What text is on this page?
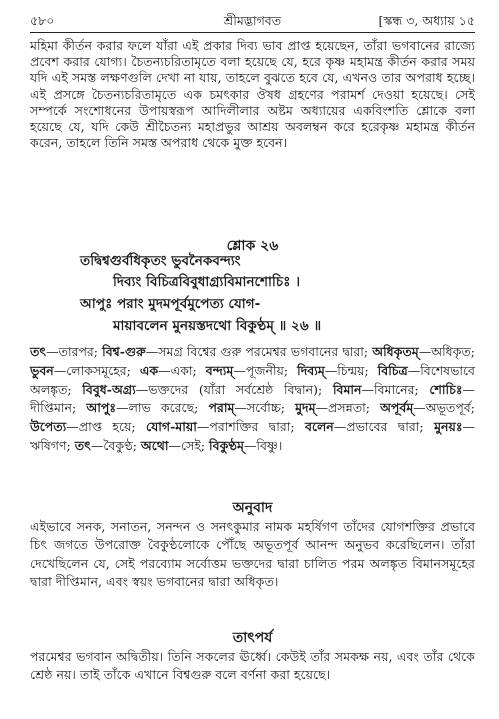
৫৮০	শ্রীমদ্ভাগবত	[স্কন্ধ ৩, অধ্যায় ১৫
মহিমা কীর্তন করার ফলে যাঁরা এই প্রকার দিব্য ভাব প্রাপ্ত হয়েছেন, তাঁরা ভগবানের রাজ্যে প্রবেশ করার যোগ্য। চৈতন্যচরিতামৃতে বলা হয়েছে যে, হরে কৃষ্ণ মহামন্ত্র কীর্তন করার সময় যদি এই সমস্ত লক্ষণগুলি দেখা না যায়, তাহলে বুঝতে হবে যে, এখনও তার অপরাধ হচ্ছে। এই প্রসঙ্গে চৈতন্যচরিতামৃতে এক চমৎকার ঔষধ গ্রহণের পরামর্শ দেওয়া হয়েছে। সেই সম্পর্কে সংশোধনের উপায়স্বরূপ আদিলীলার অষ্টম অধ্যায়ের একবিংশতি শ্লোকে বলা হয়েছে যে, যদি কেউ শ্রীচৈতন্য মহাপ্রভুর আশ্রয় অবলম্বন করে হরেকৃষ্ণ মহামন্ত্র কীর্তন করেন, তাহলে তিনি সমস্ত অপরাধ থেকে মুক্ত হবেন।
শ্লোক ২৬
তদ্বিশ্বগুর্বধিকৃতং ভুবনৈকবন্দ্যং
দিব্যং বিচিত্রবিবুধাগ্র্যবিমানশোচিঃ ।
আপুঃ পরাং মুদমপূর্বমুপেত্য যোগ-
মায়াবলেন মুনয়স্তদথো বিকুণ্ঠম্ ॥ ২৬ ॥
তৎ—তারপর; বিশ্ব-গুরু—সমগ্র বিশ্বের গুরু পরমেশ্বর ভগবানের দ্বারা; অধিকৃতম্—অধিকৃত; ভুবন—লোকসমূহের; এক—একা; বন্দ্যম্—পূজনীয়; দিব্যম্—চিন্ময়; বিচিত্র—বিশেষভাবে অলঙ্কৃত; বিবুধ-অগ্র্য—ভক্তদের (যাঁরা সর্বশ্রেষ্ঠ বিদ্বান); বিমান—বিমানের; শোচিঃ—দীপ্তিমান; আপুঃ—লাভ করেছে; পরাম্—সর্বোচ্চ; মুদম্—প্রসন্নতা; অপূর্বম্—অভূতপূর্ব; উপেত্য—প্রাপ্ত হয়ে; যোগ-মায়া—পরাশক্তির দ্বারা; বলেন—প্রভাবের দ্বারা; মুনয়ঃ—ঋষিগণ; তৎ—বৈকুণ্ঠ; অথো—সেই; বিকুণ্ঠম্—বিষ্ণু।
অনুবাদ
এইভাবে সনক, সনাতন, সনন্দন ও সনৎকুমার নামক মহর্ষিগণ তাঁদের যোগশক্তির প্রভাবে চিৎ জগতে উপরোক্ত বৈকুণ্ঠলোকে পৌঁছে অভূতপূর্ব আনন্দ অনুভব করেছিলেন। তাঁরা দেখেছিলেন যে, সেই পরব্যোম সর্বোত্তম ভক্তদের দ্বারা চালিত পরম অলঙ্কৃত বিমানসমূহের দ্বারা দীপ্তিমান, এবং স্বয়ং ভগবানের দ্বারা অধিকৃত।
তাৎপর্য
পরমেশ্বর ভগবান অদ্বিতীয়। তিনি সকলের ঊর্ধ্বে। কেউই তাঁর সমকক্ষ নয়, এবং তাঁর থেকে শ্রেষ্ঠ নয়। তাই তাঁকে এখানে বিশ্বগুরু বলে বর্ণনা করা হয়েছে।
